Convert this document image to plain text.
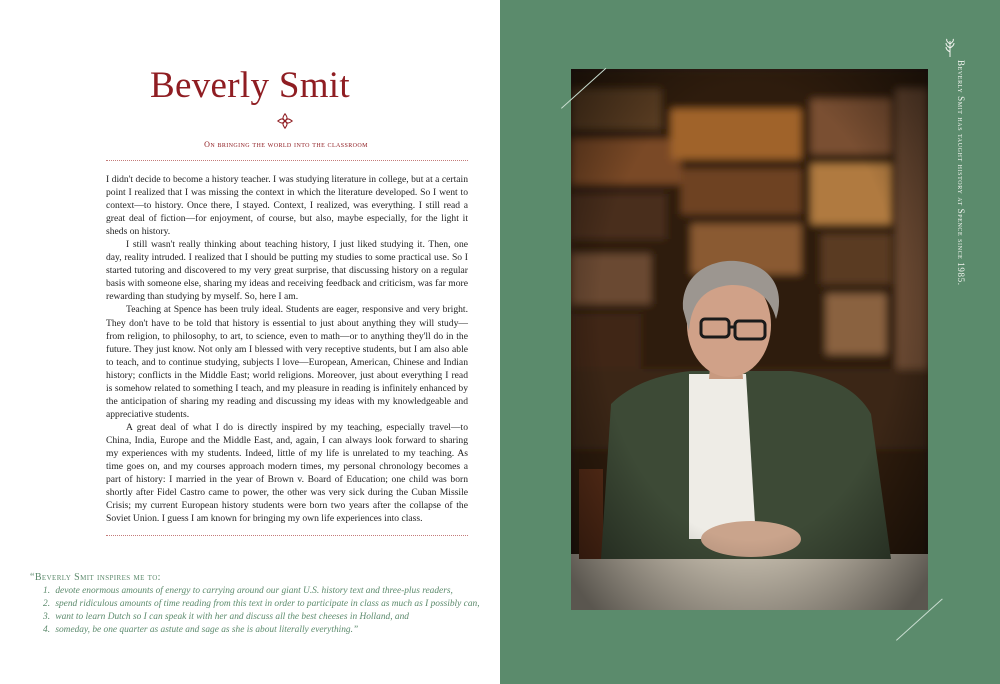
Beverly Smit
On bringing the world into the classroom

I didn't decide to become a history teacher. I was studying literature in college, but at a certain point I realized that I was missing the context in which the literature developed. So I went to context—to history. Once there, I stayed. Context, I realized, was everything. I still read a great deal of fiction—for enjoyment, of course, but also, maybe especially, for the light it sheds on history.

I still wasn't really thinking about teaching history, I just liked studying it. Then, one day, reality intruded. I realized that I should be putting my studies to some practical use. So I started tutoring and discovered to my very great surprise, that discussing history on a regular basis with someone else, sharing my ideas and receiving feedback and criticism, was far more rewarding than studying by myself. So, here I am.

Teaching at Spence has been truly ideal. Students are eager, responsive and very bright. They don't have to be told that history is essential to just about anything they will study—from religion, to philosophy, to art, to science, even to math—or to anything they'll do in the future. They just know. Not only am I blessed with very receptive students, but I am also able to teach, and to continue studying, subjects I love—European, American, Chinese and Indian history; conflicts in the Middle East; world religions. Moreover, just about everything I read is somehow related to something I teach, and my pleasure in reading is infinitely enhanced by the anticipation of sharing my reading and discussing my ideas with my knowledgeable and appreciative students.

A great deal of what I do is directly inspired by my teaching, especially travel—to China, India, Europe and the Middle East, and, again, I can always look forward to sharing my experiences with my students. Indeed, little of my life is unrelated to my teaching. As time goes on, and my courses approach modern times, my personal chronology becomes a part of history: I married in the year of Brown v. Board of Education; one child was born shortly after Fidel Castro came to power, the other was very sick during the Cuban Missile Crisis; my current European history students were born two years after the collapse of the Soviet Union. I guess I am known for bringing my own life experiences into class.

“Beverly Smit inspires me to:
1. devote enormous amounts of energy to carrying around our giant U.S. history text and three-plus readers,
2. spend ridiculous amounts of time reading from this text in order to participate in class as much as I possibly can,
3. want to learn Dutch so I can speak it with her and discuss all the best cheeses in Holland, and
4. someday, be one quarter as astute and sage as she is about literally everything.”
Beverly Smit has taught history at Spence since 1985.
